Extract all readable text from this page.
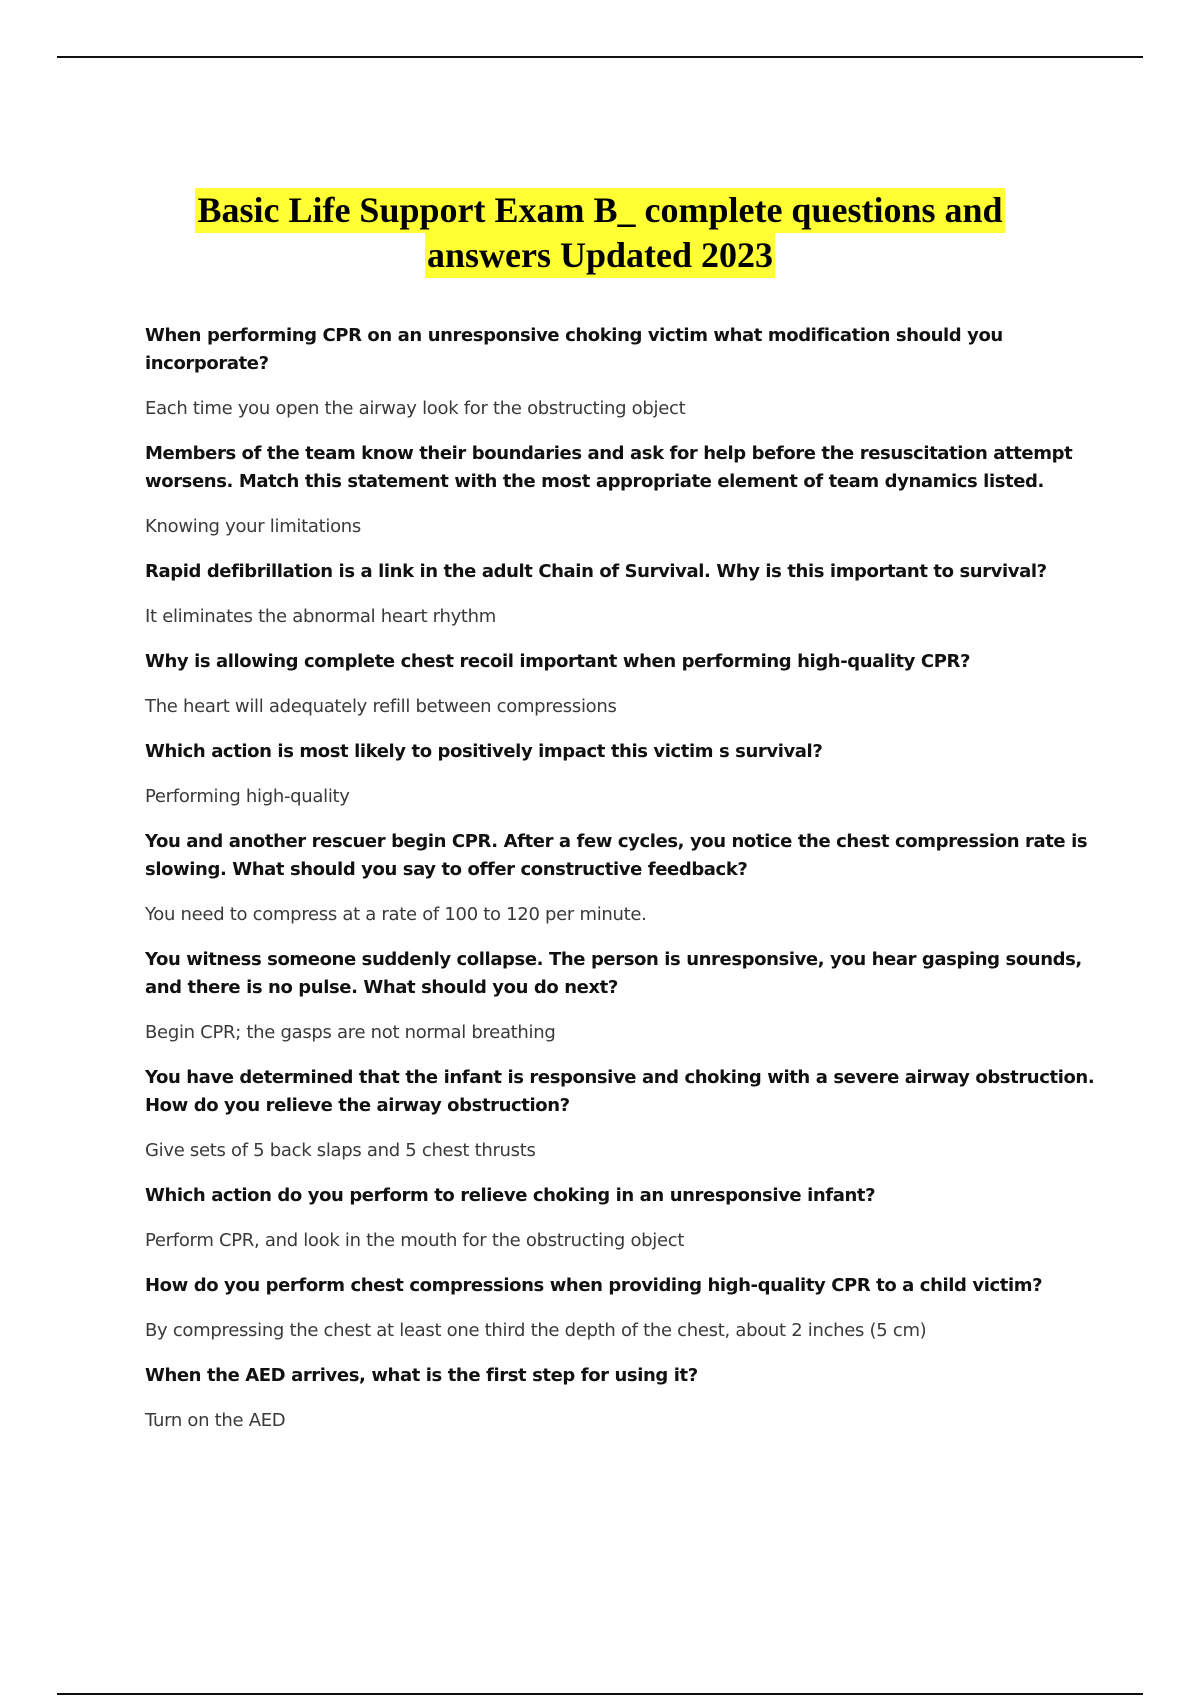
Basic Life Support Exam B_ complete questions and
answers Updated 2023

When performing CPR on an unresponsive choking victim what modification should you incorporate?

Each time you open the airway look for the obstructing object

Members of the team know their boundaries and ask for help before the resuscitation attempt worsens. Match this statement with the most appropriate element of team dynamics listed.

Knowing your limitations

Rapid defibrillation is a link in the adult Chain of Survival. Why is this important to survival?

It eliminates the abnormal heart rhythm

Why is allowing complete chest recoil important when performing high-quality CPR?

The heart will adequately refill between compressions

Which action is most likely to positively impact this victim s survival?

Performing high-quality

You and another rescuer begin CPR. After a few cycles, you notice the chest compression rate is slowing. What should you say to offer constructive feedback?

You need to compress at a rate of 100 to 120 per minute.

You witness someone suddenly collapse. The person is unresponsive, you hear gasping sounds, and there is no pulse. What should you do next?

Begin CPR; the gasps are not normal breathing

You have determined that the infant is responsive and choking with a severe airway obstruction. How do you relieve the airway obstruction?

Give sets of 5 back slaps and 5 chest thrusts

Which action do you perform to relieve choking in an unresponsive infant?

Perform CPR, and look in the mouth for the obstructing object

How do you perform chest compressions when providing high-quality CPR to a child victim?

By compressing the chest at least one third the depth of the chest, about 2 inches (5 cm)

When the AED arrives, what is the first step for using it?

Turn on the AED
